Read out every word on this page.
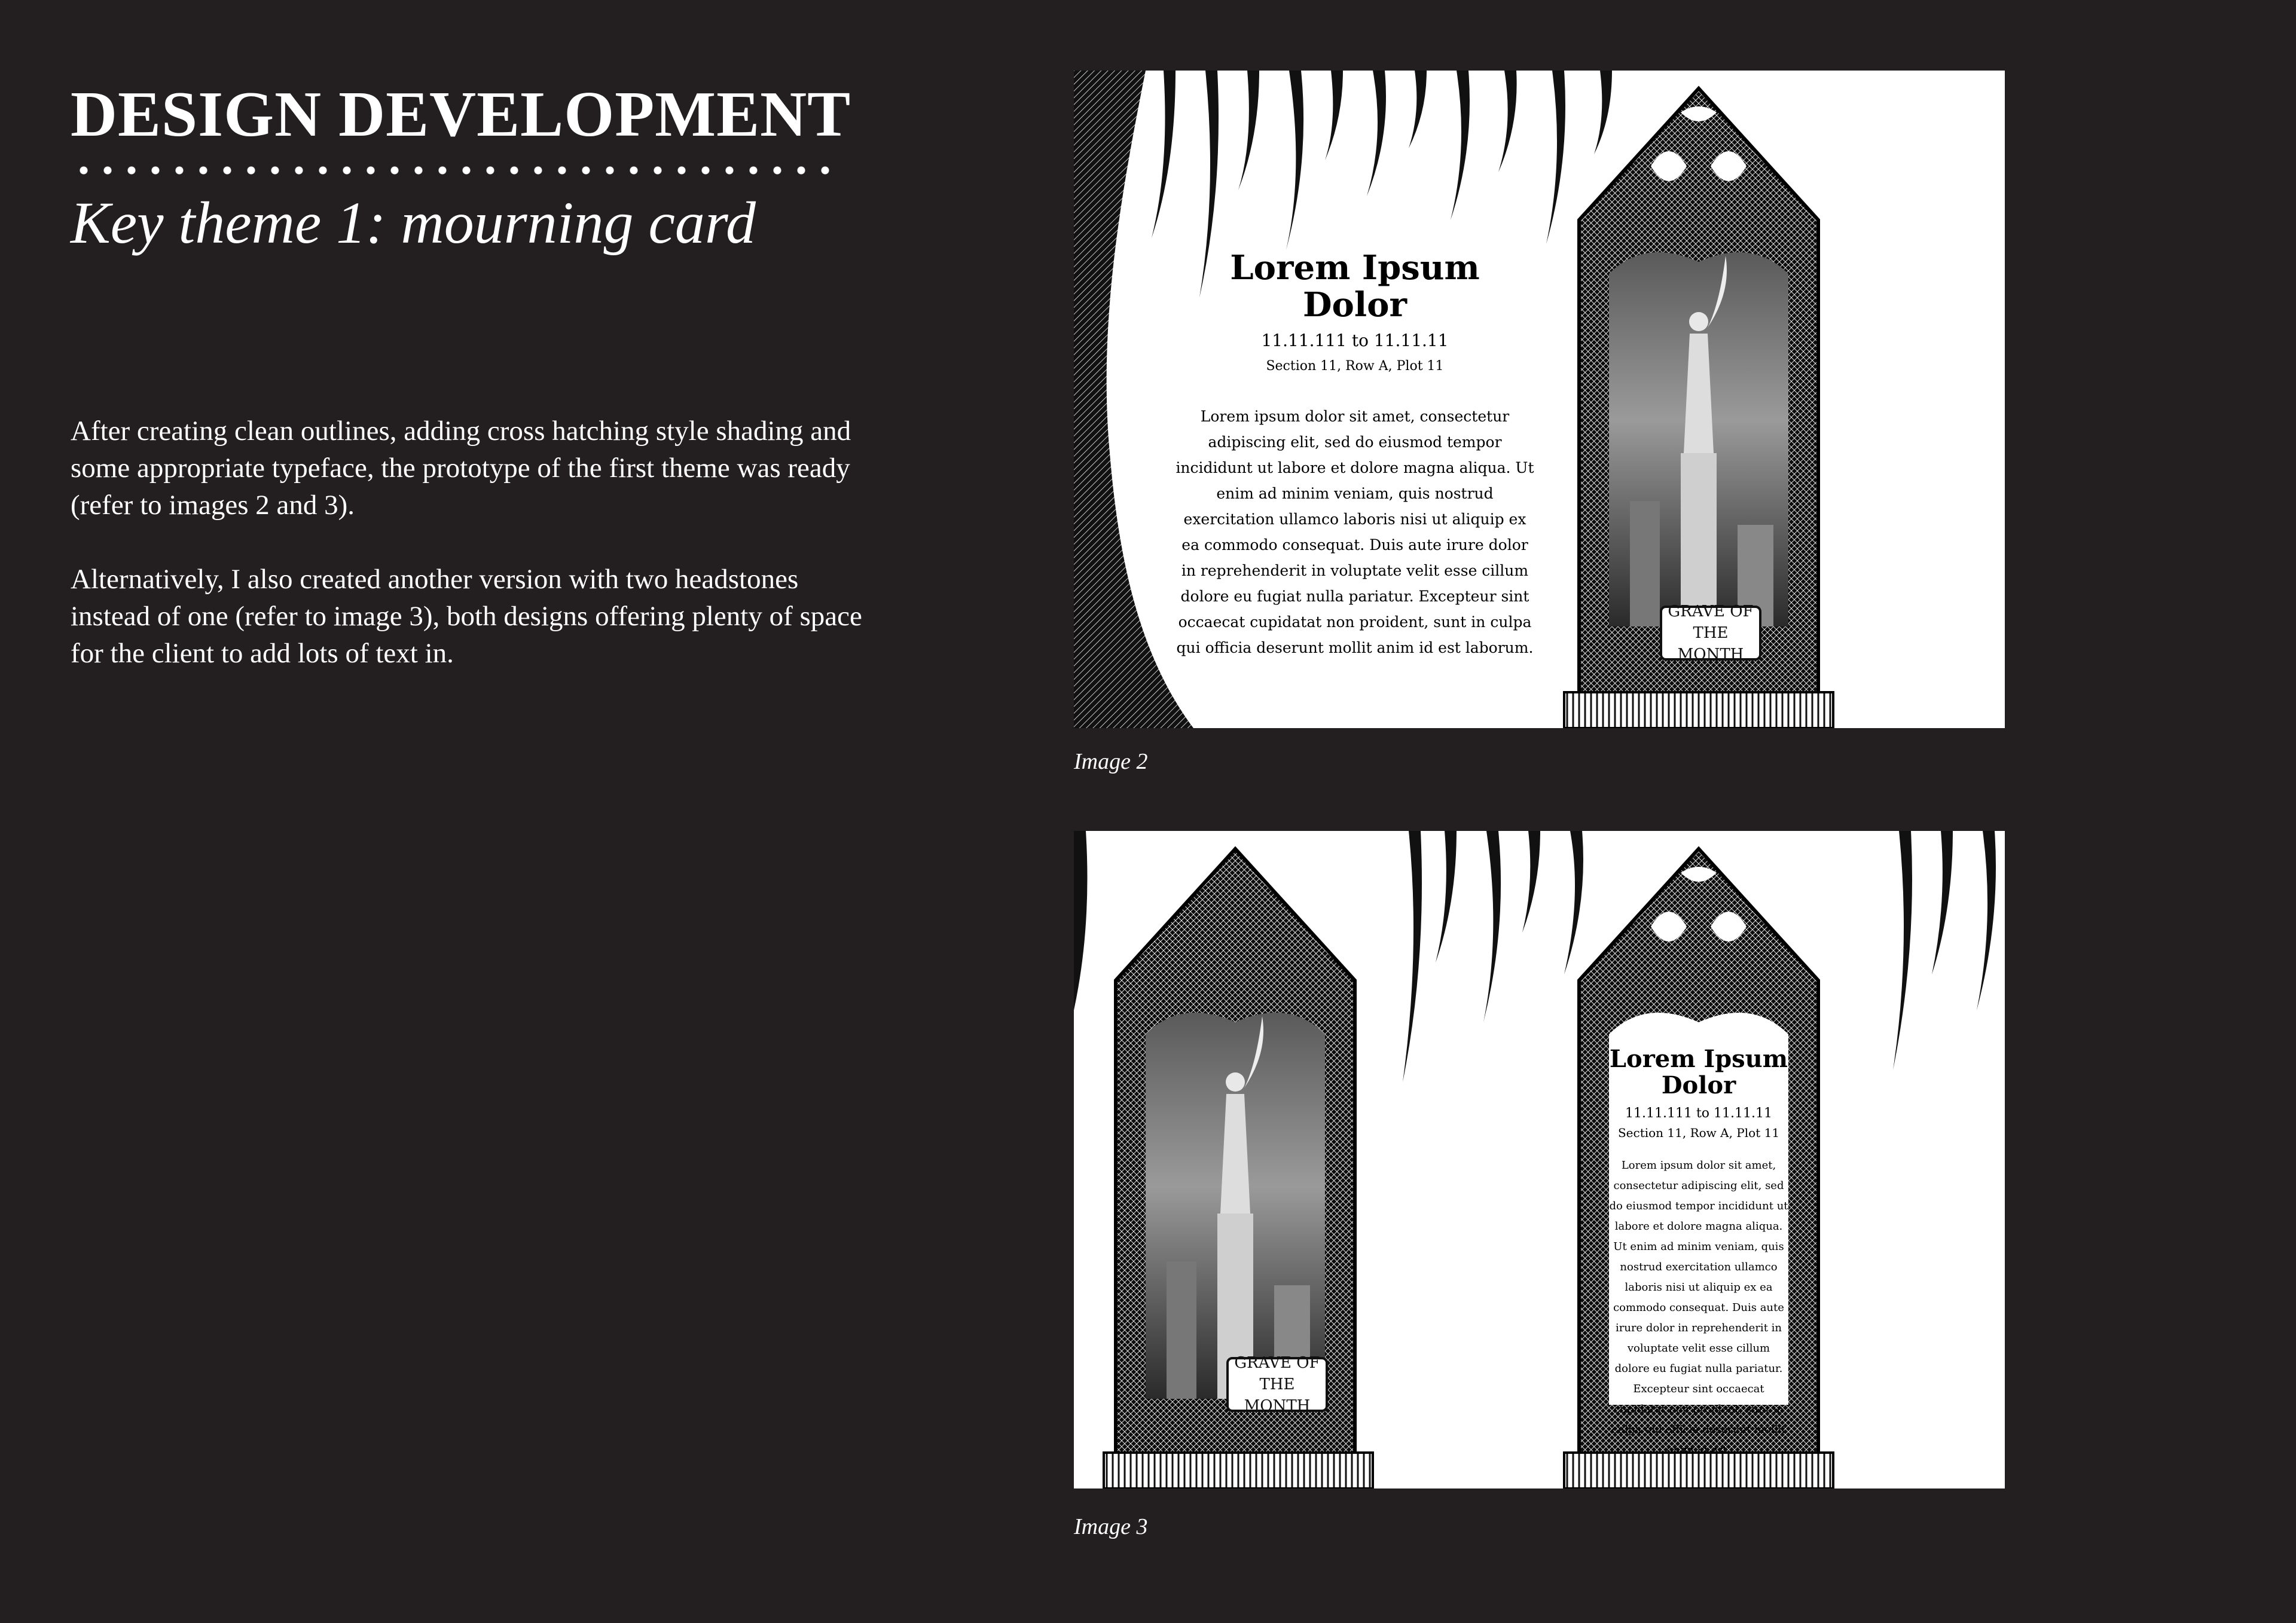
DESIGN DEVELOPMENT
Key theme 1: mourning card

After creating clean outlines, adding cross hatching style shading and some appropriate typeface, the prototype of the first theme was ready (refer to images 2 and 3).

Alternatively, I also created another version with two headstones instead of one (refer to image 3), both designs offering plenty of space for the client to add lots of text in.

Lorem Ipsum Dolor

11.11.111 to 11.11.11

Section 11, Row A, Plot 11

Lorem ipsum dolor sit amet, consectetur adipiscing elit, sed do eiusmod tempor incididunt ut labore et dolore magna aliqua. Ut enim ad minim veniam, quis nostrud exercitation ullamco laboris nisi ut aliquip ex ea commodo consequat. Duis aute irure dolor in reprehenderit in voluptate velit esse cillum dolore eu fugiat nulla pariatur. Excepteur sint occaecat cupidatat non proident, sunt in culpa qui officia deserunt mollit anim id est laborum.

GRAVE OF THE MONTH

Image 2

GRAVE OF THE MONTH

Lorem Ipsum Dolor

11.11.111 to 11.11.11

Section 11, Row A, Plot 11

Lorem ipsum dolor sit amet, consectetur adipiscing elit, sed do eiusmod tempor incididunt ut labore et dolore magna aliqua. Ut enim ad minim veniam, quis nostrud exercitation ullamco laboris nisi ut aliquip ex ea commodo consequat. Duis aute irure dolor in reprehenderit in voluptate velit esse cillum dolore eu fugiat nulla pariatur. Excepteur sint occaecat cupidatat non proident, sunt in culpa qui officia deserunt mollit anim id est.

Image 3
